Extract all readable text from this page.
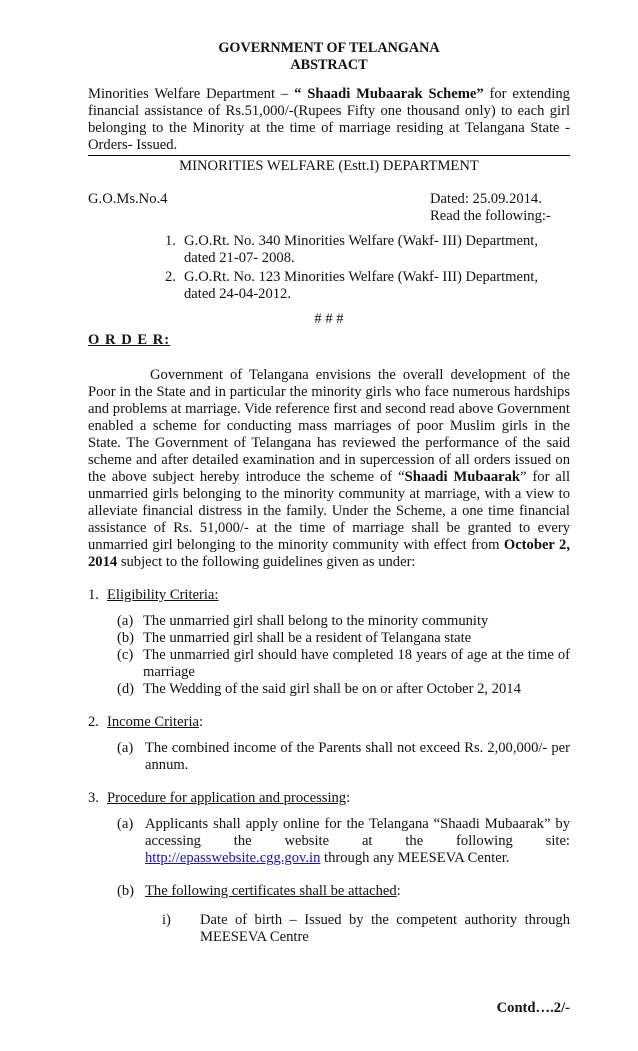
GOVERNMENT OF TELANGANA
ABSTRACT
Minorities Welfare Department – “ Shaadi Mubaarak Scheme” for extending financial assistance of Rs.51,000/-(Rupees Fifty one thousand only) to each girl belonging to the Minority at the time of marriage residing at Telangana State - Orders- Issued.
MINORITIES WELFARE (Estt.I) DEPARTMENT
G.O.Ms.No.4	Dated: 25.09.2014.
Read the following:-
1. G.O.Rt. No. 340 Minorities Welfare (Wakf- III) Department, dated 21-07- 2008.
2. G.O.Rt. No. 123 Minorities Welfare (Wakf- III) Department, dated 24-04-2012.
# # #
O R D E R:
Government of Telangana envisions the overall development of the Poor in the State and in particular the minority girls who face numerous hardships and problems at marriage. Vide reference first and second read above Government enabled a scheme for conducting mass marriages of poor Muslim girls in the State. The Government of Telangana has reviewed the performance of the said scheme and after detailed examination and in supercession of all orders issued on the above subject hereby introduce the scheme of “Shaadi Mubaarak” for all unmarried girls belonging to the minority community at marriage, with a view to alleviate financial distress in the family. Under the Scheme, a one time financial assistance of Rs. 51,000/- at the time of marriage shall be granted to every unmarried girl belonging to the minority community with effect from October 2, 2014 subject to the following guidelines given as under:
1. Eligibility Criteria:
(a) The unmarried girl shall belong to the minority community
(b) The unmarried girl shall be a resident of Telangana state
(c) The unmarried girl should have completed 18 years of age at the time of marriage
(d) The Wedding of the said girl shall be on or after October 2, 2014
2. Income Criteria:
(a) The combined income of the Parents shall not exceed Rs. 2,00,000/- per annum.
3. Procedure for application and processing:
(a) Applicants shall apply online for the Telangana “Shaadi Mubaarak” by accessing the website at the following site: http://epasswebsite.cgg.gov.in through any MEESEVA Center.
(b) The following certificates shall be attached:
i) Date of birth – Issued by the competent authority through MEESEVA Centre
Contd….2/-
